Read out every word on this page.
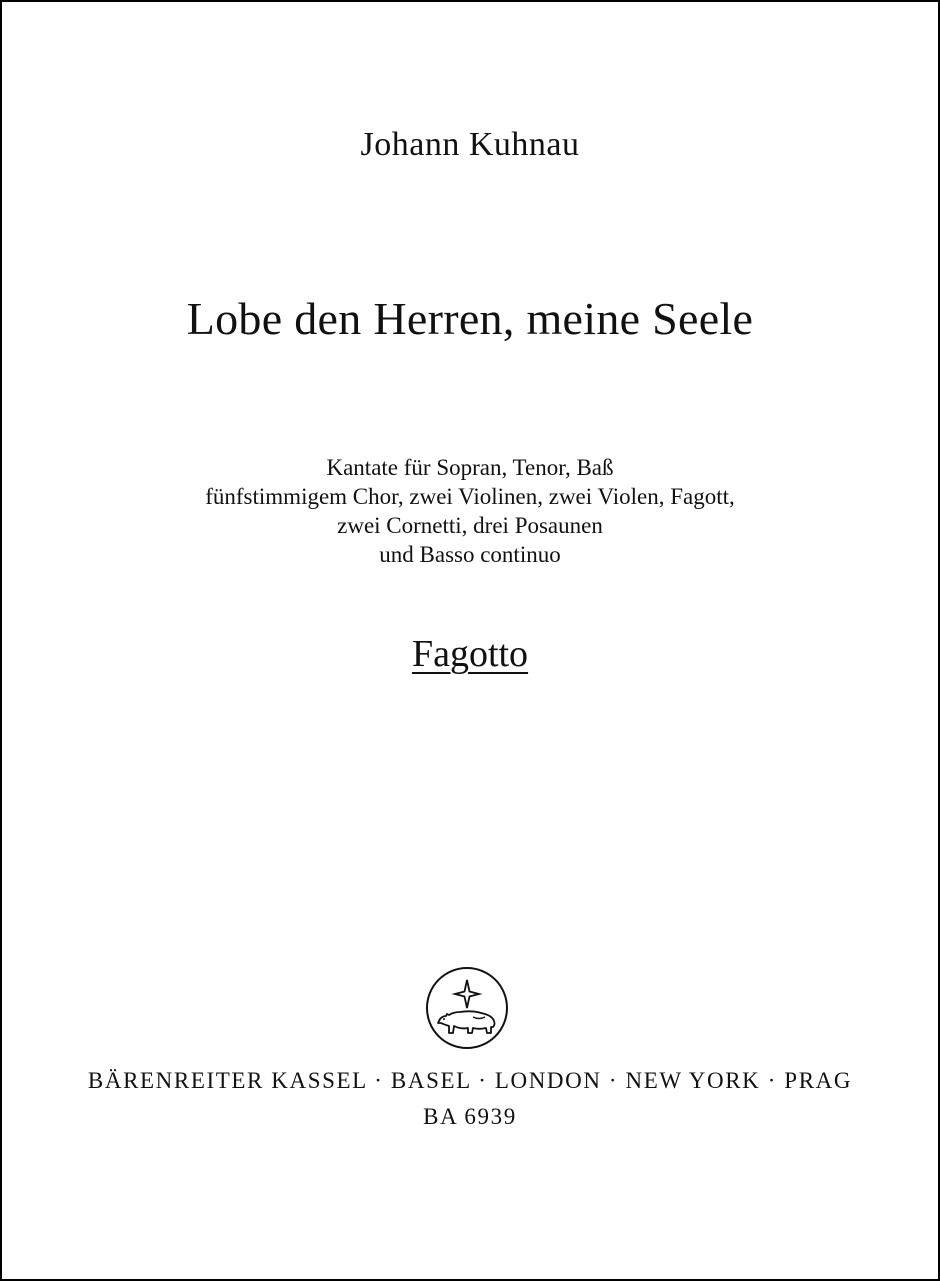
Johann Kuhnau
Lobe den Herren, meine Seele
Kantate für Sopran, Tenor, Baß
fünfstimmigem Chor, zwei Violinen, zwei Violen, Fagott,
zwei Cornetti, drei Posaunen
und Basso continuo
Fagotto
BÄRENREITER KASSEL · BASEL · LONDON · NEW YORK · PRAG
BA 6939
